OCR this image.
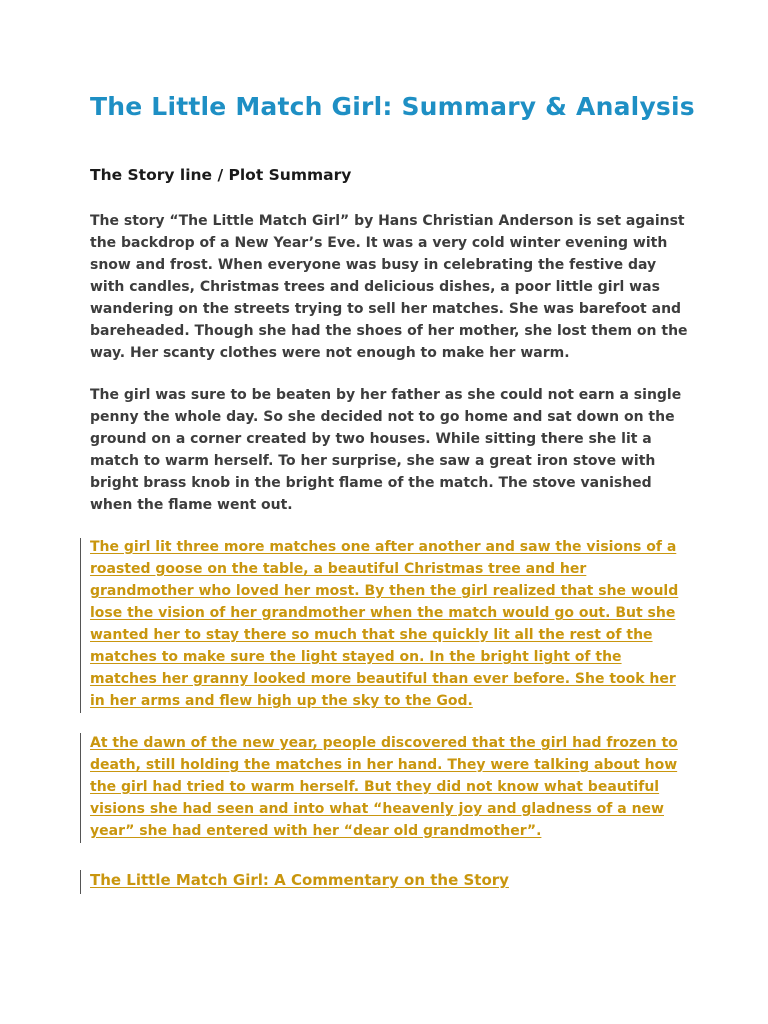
The Little Match Girl: Summary & Analysis
The Story line / Plot Summary

The story “The Little Match Girl” by Hans Christian Anderson is set against the backdrop of a New Year’s Eve. It was a very cold winter evening with snow and frost. When everyone was busy in celebrating the festive day with candles, Christmas trees and delicious dishes, a poor little girl was wandering on the streets trying to sell her matches. She was barefoot and bareheaded. Though she had the shoes of her mother, she lost them on the way. Her scanty clothes were not enough to make her warm.

The girl was sure to be beaten by her father as she could not earn a single penny the whole day. So she decided not to go home and sat down on the ground on a corner created by two houses. While sitting there she lit a match to warm herself. To her surprise, she saw a great iron stove with bright brass knob in the bright flame of the match. The stove vanished when the flame went out.

The girl lit three more matches one after another and saw the visions of a roasted goose on the table, a beautiful Christmas tree and her grandmother who loved her most. By then the girl realized that she would lose the vision of her grandmother when the match would go out. But she wanted her to stay there so much that she quickly lit all the rest of the matches to make sure the light stayed on. In the bright light of the matches her granny looked more beautiful than ever before. She took her in her arms and flew high up the sky to the God.

At the dawn of the new year, people discovered that the girl had frozen to death, still holding the matches in her hand. They were talking about how the girl had tried to warm herself. But they did not know what beautiful visions she had seen and into what “heavenly joy and gladness of a new year” she had entered with her “dear old grandmother”.

The Little Match Girl: A Commentary on the Story
